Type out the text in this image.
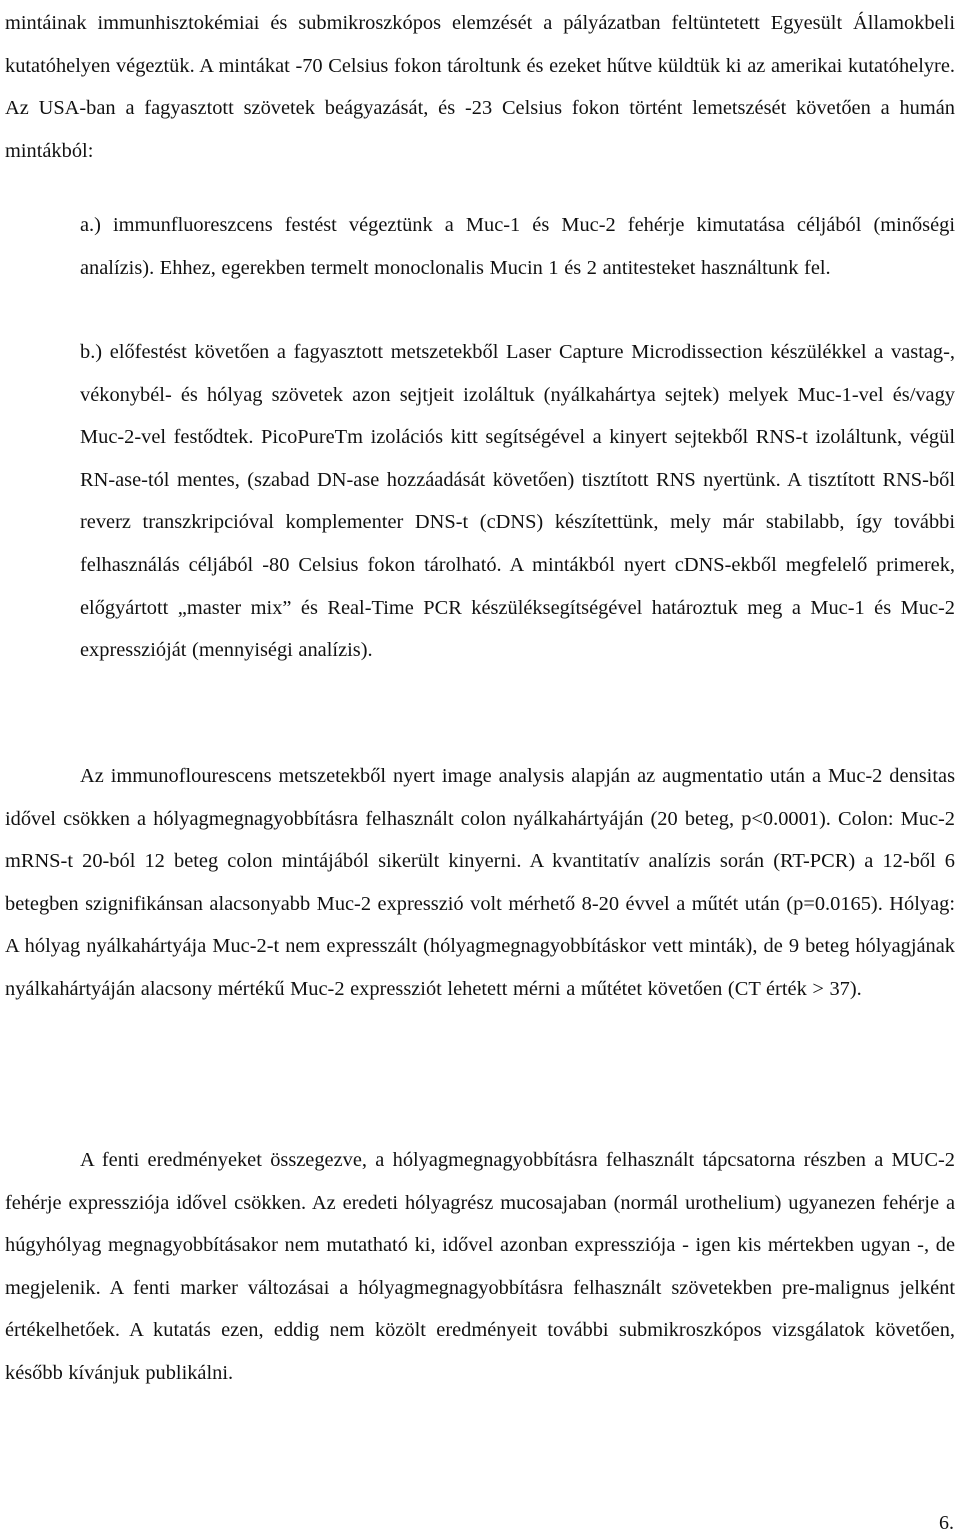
mintáinak immunhisztokémiai és submikroszkópos elemzését a pályázatban feltüntetett Egyesült Államokbeli kutatóhelyen végeztük. A mintákat -70 Celsius fokon tároltunk és ezeket hűtve küldtük ki az amerikai kutatóhelyre. Az USA-ban a fagyasztott szövetek beágyazását, és -23 Celsius fokon történt lemetszését követően a humán mintákból:

a.) immunfluoreszcens festést végeztünk a Muc-1 és Muc-2 fehérje kimutatása céljából (minőségi analízis). Ehhez, egerekben termelt monoclonalis Mucin 1 és 2 antitesteket használtunk fel.

b.) előfestést követően a fagyasztott metszetekből Laser Capture Microdissection készülékkel a vastag-, vékonybél- és hólyag szövetek azon sejtjeit izoláltuk (nyálkahártya sejtek) melyek Muc-1-vel és/vagy Muc-2-vel festődtek. PicoPureTm izolációs kitt segítségével a kinyert sejtekből RNS-t izoláltunk, végül RN-ase-tól mentes, (szabad DN-ase hozzáadását követően) tisztított RNS nyertünk. A tisztított RNS-ből reverz transzkripcióval komplementer DNS-t (cDNS) készítettünk, mely már stabilabb, így további felhasználás céljából -80 Celsius fokon tárolható. A mintákból nyert cDNS-ekből megfelelő primerek, előgyártott „master mix” és Real-Time PCR készüléksegítségével határoztuk meg a Muc-1 és Muc-2 expresszióját (mennyiségi analízis).

Az immunoflourescens metszetekből nyert image analysis alapján az augmentatio után a Muc-2 densitas idővel csökken a hólyagmegnagyobbításra felhasznált colon nyálkahártyáján (20 beteg, p<0.0001). Colon: Muc-2 mRNS-t 20-ból 12 beteg colon mintájából sikerült kinyerni. A kvantitatív analízis során (RT-PCR) a 12-ből 6 betegben szignifikánsan alacsonyabb Muc-2 expresszió volt mérhető 8-20 évvel a műtét után (p=0.0165). Hólyag: A hólyag nyálkahártyája Muc-2-t nem expresszált (hólyagmegnagyobbításkor vett minták), de 9 beteg hólyagjának nyálkahártyáján alacsony mértékű Muc-2 expressziót lehetett mérni a műtétet követően (CT érték > 37).

A fenti eredményeket összegezve, a hólyagmegnagyobbításra felhasznált tápcsatorna részben a MUC-2 fehérje expressziója idővel csökken. Az eredeti hólyagrész mucosajaban (normál urothelium) ugyanezen fehérje a húgyhólyag megnagyobbításakor nem mutatható ki, idővel azonban expressziója - igen kis mértekben ugyan -, de megjelenik. A fenti marker változásai a hólyagmegnagyobbításra felhasznált szövetekben pre-malignus jelként értékelhetőek. A kutatás ezen, eddig nem közölt eredményeit további submikroszkópos vizsgálatok követően, később kívánjuk publikálni.

6.
